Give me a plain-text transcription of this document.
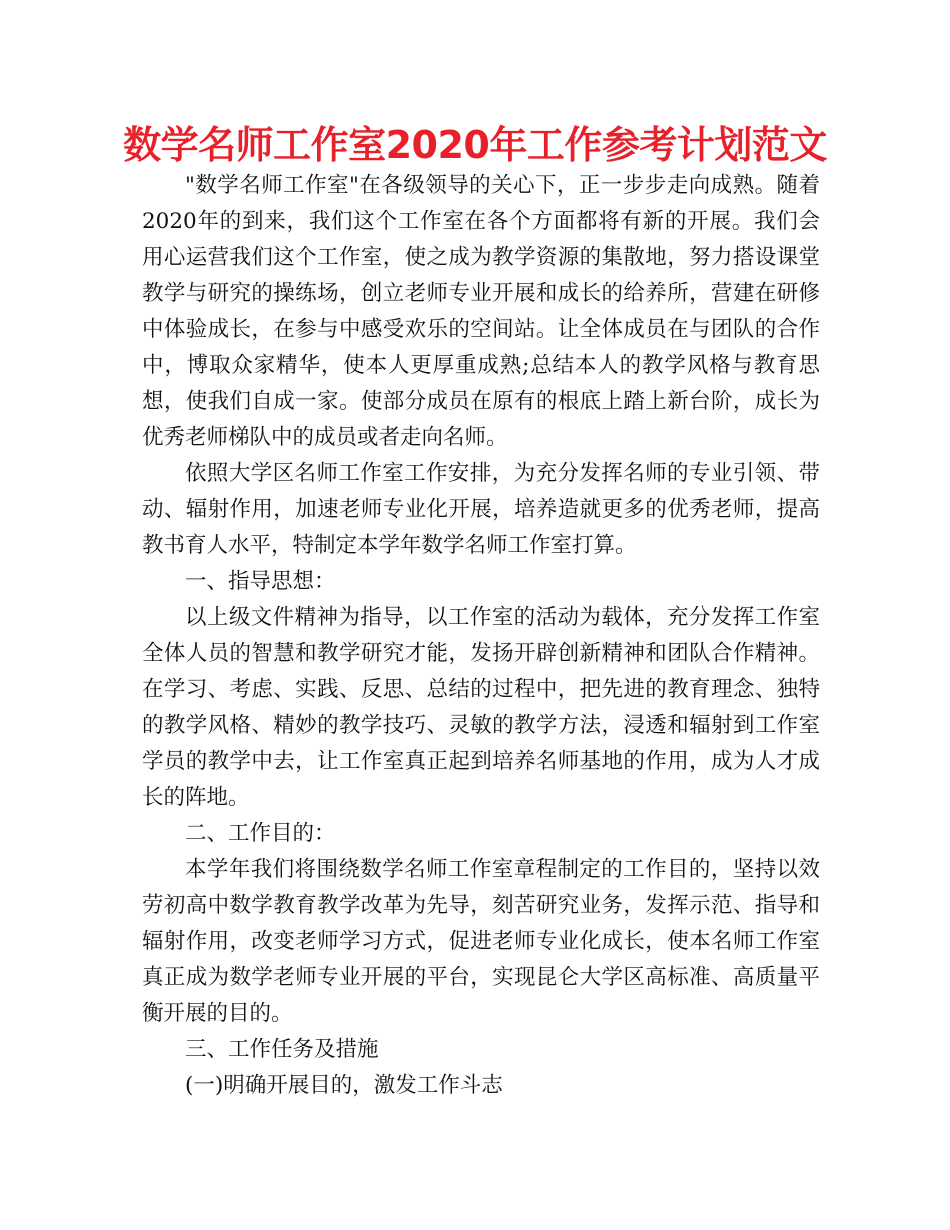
数学名师工作室2020年工作参考计划范文

"数学名师工作室"在各级领导的关心下，正一步步走向成熟。随着2020年的到来，我们这个工作室在各个方面都将有新的开展。我们会用心运营我们这个工作室，使之成为教学资源的集散地，努力搭设课堂教学与研究的操练场，创立老师专业开展和成长的给养所，营建在研修中体验成长，在参与中感受欢乐的空间站。让全体成员在与团队的合作中，博取众家精华，使本人更厚重成熟;总结本人的教学风格与教育思想，使我们自成一家。使部分成员在原有的根底上踏上新台阶，成长为优秀老师梯队中的成员或者走向名师。

依照大学区名师工作室工作安排，为充分发挥名师的专业引领、带动、辐射作用，加速老师专业化开展，培养造就更多的优秀老师，提高教书育人水平，特制定本学年数学名师工作室打算。

一、指导思想：

以上级文件精神为指导，以工作室的活动为载体，充分发挥工作室全体人员的智慧和教学研究才能，发扬开辟创新精神和团队合作精神。在学习、考虑、实践、反思、总结的过程中，把先进的教育理念、独特的教学风格、精妙的教学技巧、灵敏的教学方法，浸透和辐射到工作室学员的教学中去，让工作室真正起到培养名师基地的作用，成为人才成长的阵地。

二、工作目的：

本学年我们将围绕数学名师工作室章程制定的工作目的，坚持以效劳初高中数学教育教学改革为先导，刻苦研究业务，发挥示范、指导和辐射作用，改变老师学习方式，促进老师专业化成长，使本名师工作室真正成为数学老师专业开展的平台，实现昆仑大学区高标准、高质量平衡开展的目的。

三、工作任务及措施

(一)明确开展目的，激发工作斗志
